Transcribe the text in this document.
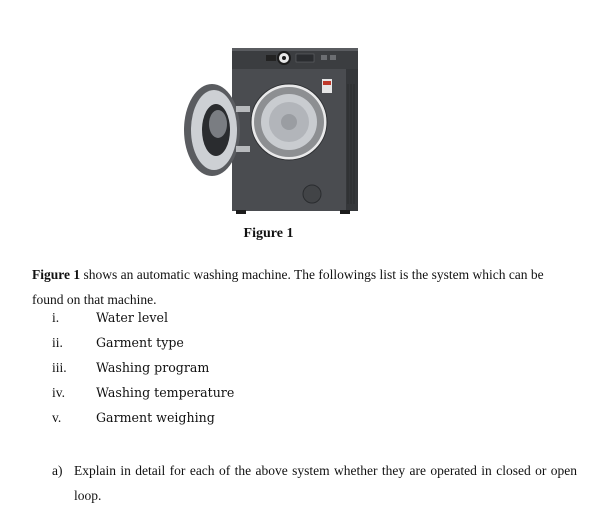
Figure 1

Figure 1 shows an automatic washing machine. The followings list is the system which can be found on that machine.

i.	Water level
ii.	Garment type
iii. Washing program
iv. Washing temperature
v.	Garment weighing
a) Explain in detail for each of the above system whether they are operated in closed or open loop.
